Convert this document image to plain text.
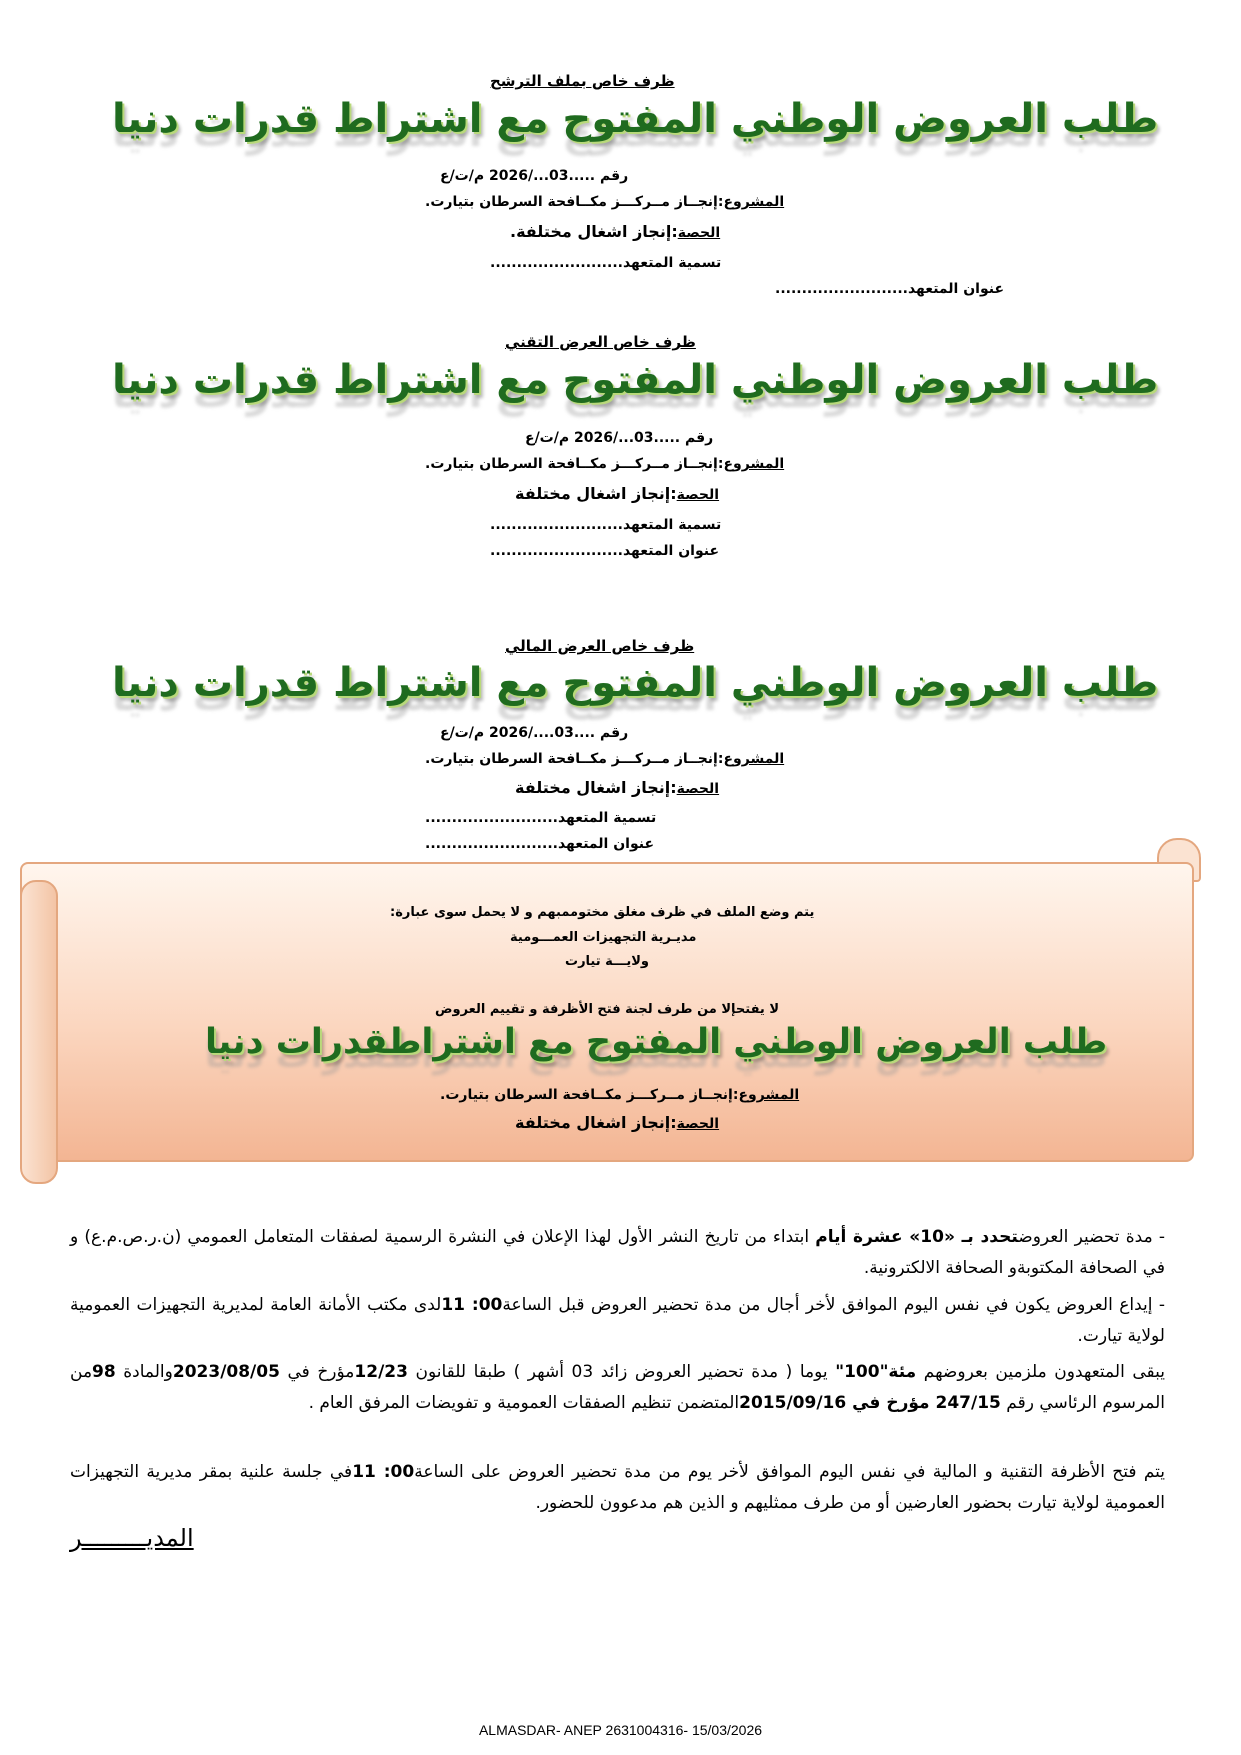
ظرف خاص بملف الترشح
طلب العروض الوطني المفتوح مع اشتراط قدرات دنيا
رقم .....03.../2026 م/ت/ع
المشروع:إنجــاز مــركـــز مكــافحة السرطان بتيارت.
الحصة:إنجاز اشغال مختلفة.
تسمية المتعهد.........................
عنوان المتعهد.........................
ظرف خاص العرض التقني
طلب العروض الوطني المفتوح مع اشتراط قدرات دنيا
رقم .....03.../2026 م/ت/ع
المشروع:إنجــاز مــركـــز مكــافحة السرطان بتيارت.
الحصة:إنجاز اشغال مختلفة
تسمية المتعهد.........................
عنوان المتعهد.........................
ظرف خاص العرض المالي
طلب العروض الوطني المفتوح مع اشتراط قدرات دنيا
رقم ....03..../2026 م/ت/ع
المشروع:إنجــاز مــركـــز مكــافحة السرطان بتيارت.
الحصة:إنجاز اشغال مختلفة
تسمية المتعهد.........................
عنوان المتعهد.........................
يتم وضع الملف في ظرف مغلق مختوممبهم و لا يحمل سوى عبارة:
مديـرية التجهيزات العمـــومية
ولايـــة تيارت
لا يفتحإلا من طرف لجنة فتح الأظرفة و تقييم العروض
طلب العروض الوطني المفتوح مع اشتراطقدرات دنيا
المشروع:إنجــاز مــركـــز مكــافحة السرطان بتيارت.
الحصة:إنجاز اشغال مختلفة
- مدة تحضير العروضتحدد بـ «10» عشرة أيام ابتداء من تاريخ النشر الأول لهذا الإعلان في النشرة الرسمية لصفقات المتعامل العمومي (ن.ر.ص.م.ع) و في الصحافة المكتوبةو الصحافة الالكترونية.
- إيداع العروض يكون في نفس اليوم الموافق لأخر أجال من مدة تحضير العروض قبل الساعة00: 11لدى مكتب الأمانة العامة لمديرية التجهيزات العمومية لولاية تيارت.
يبقى المتعهدون ملزمين بعروضهم مئة"100" يوما ( مدة تحضير العروض زائد 03 أشهر ) طبقا للقانون 12/23مؤرخ في 2023/08/05والمادة 98من المرسوم الرئاسي رقم 247/15 مؤرخ في 2015/09/16المتضمن تنظيم الصفقات العمومية و تفويضات المرفق العام .
يتم فتح الأظرفة التقنية و المالية في نفس اليوم الموافق لأخر يوم من مدة تحضير العروض على الساعة00: 11في جلسة علنية بمقر مديرية التجهيزات العمومية لولاية تيارت بحضور العارضين أو من طرف ممثليهم و الذين هم مدعوون للحضور.
المديـــــــــر
ALMASDAR- ANEP 2631004316- 15/03/2026
